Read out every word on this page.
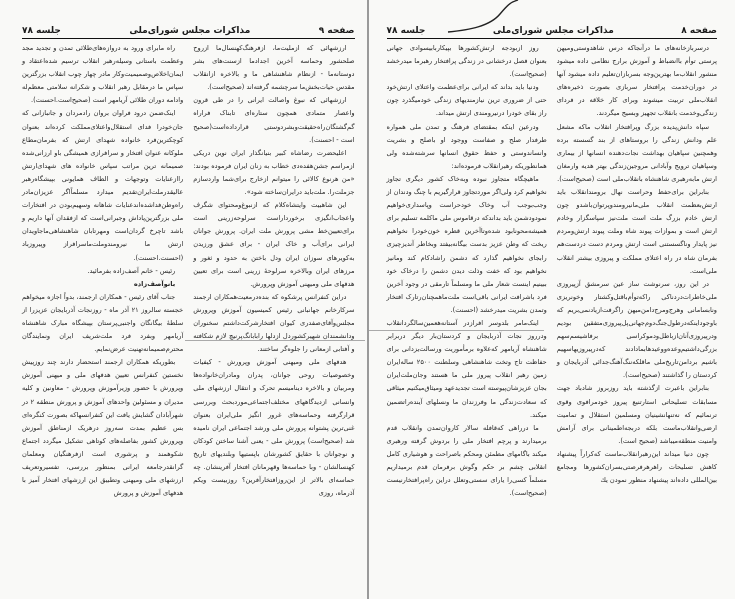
صفحه ۹
مذاکرات مجلس شورای‌ملی
جلسه ۷۸

ارزشهائی که ازملیت‌ما، ازفرهنگ‌کهنسال‌ما ازروح صلحشور وحماسه آخرین اجدادما ازسنت‌های بشر دوستانه‌ما - ازنظام شاهنشاهی ما و بالاخره ازانقلاب مقدس حیات‌بخش‌ما سرچشمه گرفته‌اند (صحیح‌است).

ارزشهائی که نبوغ واصالت ایرانی را در طی قرون واعصار متمادی همچون ستاره‌ای تابناک فراراه گم‌گشتگان‌راه‌حقیقت‌وبشردوستی قرارداده‌است(صحیح است - احسنت).

اعلیحضرت رضاشاه کبیر بنیانگذار ایران نوین دریکی ازمراسم جشن‌هفده‌دی خطاب به زنان ایران فرموده بودند: «من هرنوع کالائی را میتوانم ازخارج برای‌شما وارد‌سازم جزملت‌را. ملت‌باید درایران‌ساخته شود».

این شاهبیت وایتشاه‌کلام که ازنبوغ‌ومحتوای شگرف واعجاب‌انگیزی برخوردار‌است سرلوحه‌زرینی است برای‌تعیین‌خط مشی پرورش ملت ایران. پرورش جوانان ایرانی برای‌آب و خاک ایران - برای عشق ورزیدن به‌کویرهای سوزان ایران ودل باختن به حدود و ثغور و مرزهای ایران وبالاخره سرلوحهٔ زرینی است برای تعیین هدفهای ملی ومیهنی آموزش وپرورش.

دراین کنفرانس پرشکوه که بنده‌درمعیت‌همکاران ارجمند سرکارخانم جهانبانی رئیس کمیسیون آموزش وپرورش مجلس‌وآقای‌صفدری کیوان افتخارشرکت‌داشتم سخنوران ودانشمندان شهیرکشوردل ازدلها رابابانگ‌پرنیچ لازم شکافته و آفتابی ازمعانی را جلوه‌گر ساختند.

هدفهای ملی ومیهنی آموزش وپرورش - کیفیات وخصوصیات روحی جوانان، پدران ومادران‌خانواده‌ها ومربیان و بالاخره دینامیسم تحرک و انتقال ارزشهای ملی وانسانی ازدیدگاههای مختلف‌اجتماعی‌موردبحث وبررسی قرارگرفته وحماسه‌های غرور انگیز ملی‌ایران بعنوان غنی‌ترین پشتوانه پرورش ملی ورشد اجتماعی ایران نامیده شد (صحیح‌است) پرورش ملی - یعنی آشنا ساختن کودکان و نوجوانان با حقایق کشورشان باپستیها وبلندیهای تاریخ کهنسالشان - وبا حماسه‌ها وقهرمانان افتخار آفرینشان. چه حماسه‌ای بالاتر از این‌روز‌افتخارآفرین؟ روزبیست ویکم آذرماه، روزی

راه مابرای ورود به دروازه‌های‌طلائی تمدن و تجدید مجد وعظمت باستانی وسیله‌رهبر انقلاب ترسیم شده‌اعتقاد و ایمان‌اخلاص‌وصمیمیت‌وکار مادر چهار چوب انقلاب بزرگترین سپاس ما درمقابل رهبر انقلاب و شکرانه سلامتی معظم‌له وادامه دوران طلائی آریامهر است (صحیح‌است.احسنت).

اینک‌ضمن درود فراوان بروان رادمردان و جانبازانی که جان‌خودرا فدای استقلال‌واعتلای‌مملکت کرده‌اند بعنوان کوچکترین‌فرد خانواده شهدای ارتش که بفرمان‌مطاع ملوکانه عنوان افتخار و سرافرازی همیشگی باو ارزانی‌شده صمیمانه ترین مراتب سپاس خانواده های شهدای‌ارتش راازعنایات وتوجهات و الطاف همایونی بپیشگاه‌رهبر عالیقدرملت‌ایران‌تقدیم میدارد مسلماً‌اگر عزیزان‌مادر راه‌وطن‌فداشده‌اندعنایات شاهانه وسهیم‌بودن در افتخارات ملی بزرگترین‌پاداش وجبرانی‌است که ازفقدان آنها داریم و باشد تاچرخ گردان‌است ومهرتابان شاهنشاهی‌ماجاویدان ارتش ما نیرومند‌وملت‌ماسرافراز وپیروزباد (احسنت.احسنت).

رئیس - خانم آصف‌زاده بفرمائید.

بانوآصف‌زاده

جناب آقای رئیس - همکاران ارجمند، بدواً اجازه میخواهم خجسته سالروز ۲۱ آذر ماه - روزنجات آذربایجان عزیزرا از سلطهٔ بیگانگان واجنبی‌پرستان بپیشگاه مبارک شاهنشاه آریامهر وبفرد فرد ملت‌شریف ایران ونمایندگان محترم‌صمیمانه‌تهنیت عرض‌نمایم.

بطوریکه همکاران ارجمند استحضار دارند چند روزپیش نخستین کنفرانس تعیین هدفهای ملی و میهنی آموزش وپرورش با حضور وزیرآموزش وپرورش - معاونین و کلیه مدیران و مسئولین واحدهای آموزش و پرورش منطقه ۲ در شهرآبادان گشایش یافت این کنفرانسهاکه بصورت کنگره‌ای بس عظیم بمدت سه‌روز درهریک ازمناطق آموزش وپرورش کشور بفاصله‌های کوتاهی تشکیل میگردد اجتماع شکوهمند و پرشوری است ازفرهنگیان ومعلمان گرانقدرجامعه ایرانی بمنظور بررسی، تفسیروتعریف ارزشهای ملی ومیهنی وتطبیق این ارزشهای افتخار آمیز با هدفهای آموزش و پرورش

صفحه ۸
مذاکرات مجلس شورای‌ملی
جلسه ۷۸

درسربازخانه‌های ما درآنجاکه درس شاهدوستی‌ومیهن پرستی توأم باانضباط و آموزش برارج نظامی داده میشود منشور انقلاب‌ما بهترین‌وجه بسربازان‌تعلیم داده میشود آنها در دوران‌خدمت پرافتخار سربازی بصورت ذخیره‌های انقلاب‌ملی تربیت میشوند وبرای کار خلاقه در فردای زندگی‌وخدمت بانقلاب تجهیز وبسیج میگردند.

سپاه دانش‌پدیده بزرگ وپرافتخار انقلاب ماکه مشعل علم ودانش زندگی را بروستاهای از بند گسسته برده وهمچنین سپاهیان بهداشت نجات‌دهنده انسانها از بیماری وسپاهیان ترویج وآبادانی مروجین‌زندگی بهتر هدیه وارمغان ارتش مابه‌رهبری شاهنشاه بانقلاب‌ملی است (صحیح‌است).

بنابراین برای‌حفظ وحراست نهال برومندانقلاب باید ارتش‌بعظمت انقلاب ملی‌مانیرومندوپرتوان‌باشدو چون ارتش خادم بزرگ ملت است ملت‌نیز سپاسگزار وخادم ارتش است و بموازات پیوند شاه وملت پیوند ارتش‌ومردم نیز پایدار وناگسستنی است ارتش ومردم دست دردست‌هم بفرمان شاه در راه اعتلای مملکت و پیروزی بیشتر انقلاب ملی‌است.

در این روز، سرنوشت ساز عین سرمشق آزپیروزی ملی‌خاطرات‌دردناکی راکه‌توأم‌باقتل‌وکشتار وخونریزی ونابسامانی وهرج‌ومرج‌دامن‌میهن راگرفت‌ازیادنمی‌بریم که باوجوداینکه‌درطول‌جنگ‌دوم‌جهانی‌پل‌پیروزی‌متفقین بودیم ودرپیروزی‌آنان‌ازباطل‌ودموکراسی برفاشیسم‌سهم بزرگی‌داشتیم‌وعده‌ووعیدها‌بمادادند که‌درپیروزیها‌سهیم باشیم بردامن‌تاریخ‌ملی ماقلکه‌ننگ‌آهنگ‌جدائی آذربایجان و کردستان را گذاشتند (صحیح‌است).

بنابراین باعبرت ازگذشته باید روزبروز شادباد جهت مسابقات تسلیحاتی استارتنیع پیروز خودمرافوی وقوی ترنمائیم که نه‌تنهانشینیان ومسلمین استقلال و تمامیت ارضی‌وانقلاب‌ماست بلکه دربجه‌اطمینانی برای آرامش وامنیت منطقه‌میباشد (صحیح است).

چون دنیا میداند این‌رهبرانقلاب‌ماست که‌کراراً پیشنهاد کاهش تسلیحات راهرهرفرصتی‌بسران‌کشورها ومجامع بین‌المللی داده‌اند پیشنهاد منظور نمودن یك

روز ازبودجه ارتش‌کشورها بپیکاربابیسوادی جهانی بعنوان فصل درخشانی در زندگی پرافتخار رهبرما میدرخشد (صحیح‌است).

ودنیا باید بداند که ایرانی برای‌عظمت واعتلای ارتش‌خود حتی از ضروری ترین نیازمندیهای زندگی خودمیگذرد چون راز بقای خودرا درنیرومندی ارتش میداند.

ودرعین اینکه بمقتضای فرهنگ و تمدن ملی همواره طرفدار صلح و صفاست ووجود او باصلح و بشریت وانساندوستی و حفظ حقوق انسانها سرشته‌شده ولی همانطوریکه رهبرانقلاب فرموده‌اند:

ماهیچگاه متجاوز نبوده وبه‌خاک کشور دیگری تجاوز نخواهیم کرد ولی‌اگر موردتجاوز قرارگیریم با چنگ ودندان از وجب‌بوجب آب وخاک خودحراست وپاسداری‌خواهیم نمودودشمن باید بداندکه درقاموس ملی ماکلمه تسلیم برای همیشه‌محونابود شده‌وتاآخرین قطره خون‌خودرا نخواهیم ریخت که وطن عزیز بدست بیگانه‌بیفتد وبخاطر آندیزچیزی رابجای نخواهیم گذارد که دشمن راشادکام کند ومانیز نخواهیم بود که خفت وذلت دیدن دشمن را درخاک خود ببینیم اینست شعار ملی ما ومسلماً تارمقی در وجود آخرین فرد باشرافت ایرانی باقی‌است ملت‌ماهمچنان‌رتارک افتخار وتمدن بشریت میدرخشد (احسنت).

اینک‌مامر بلدوسر افرازدر آستانه‌هعمین‌سالگرد‌انقلاب ودرروز نجات آذربایجان و کردستان‌بار دیگر دربرابر شاهنشاه آریامهر که‌علاوه برمأموریت ورسالت‌یزدانی برای حفاظت تاج وتخت شاهنشاهی وسلطنت ۲۵۰۰ ساله‌ایران زمین رهبر انقلاب پیروز ملی ما هستند وجان‌ملت‌ایران بجان عزیزشان‌پیوسته است تجدیدعهد ومیثاق‌میکنیم میثاقی که سعادت‌زندگی ما وفرزندان ما ونسلهای آینده‌راتضمین میکند.

ما درراهی که‌قافله سالار کاروان‌تمدن وانقلاب قدم برمیدارند و پرچم افتخار ملی را بردوش گرفته ورهبری میکند باگامهای مطمئن ومحکم باصراحت و هوشیاری کامل انقلابی چشم بر حکم وگوش برفرمان قدم برمیداریم مسلماً کسی‌را یارای سستی‌وتعلل دراین راه‌پرافتخارنیست (صحیح‌است).
